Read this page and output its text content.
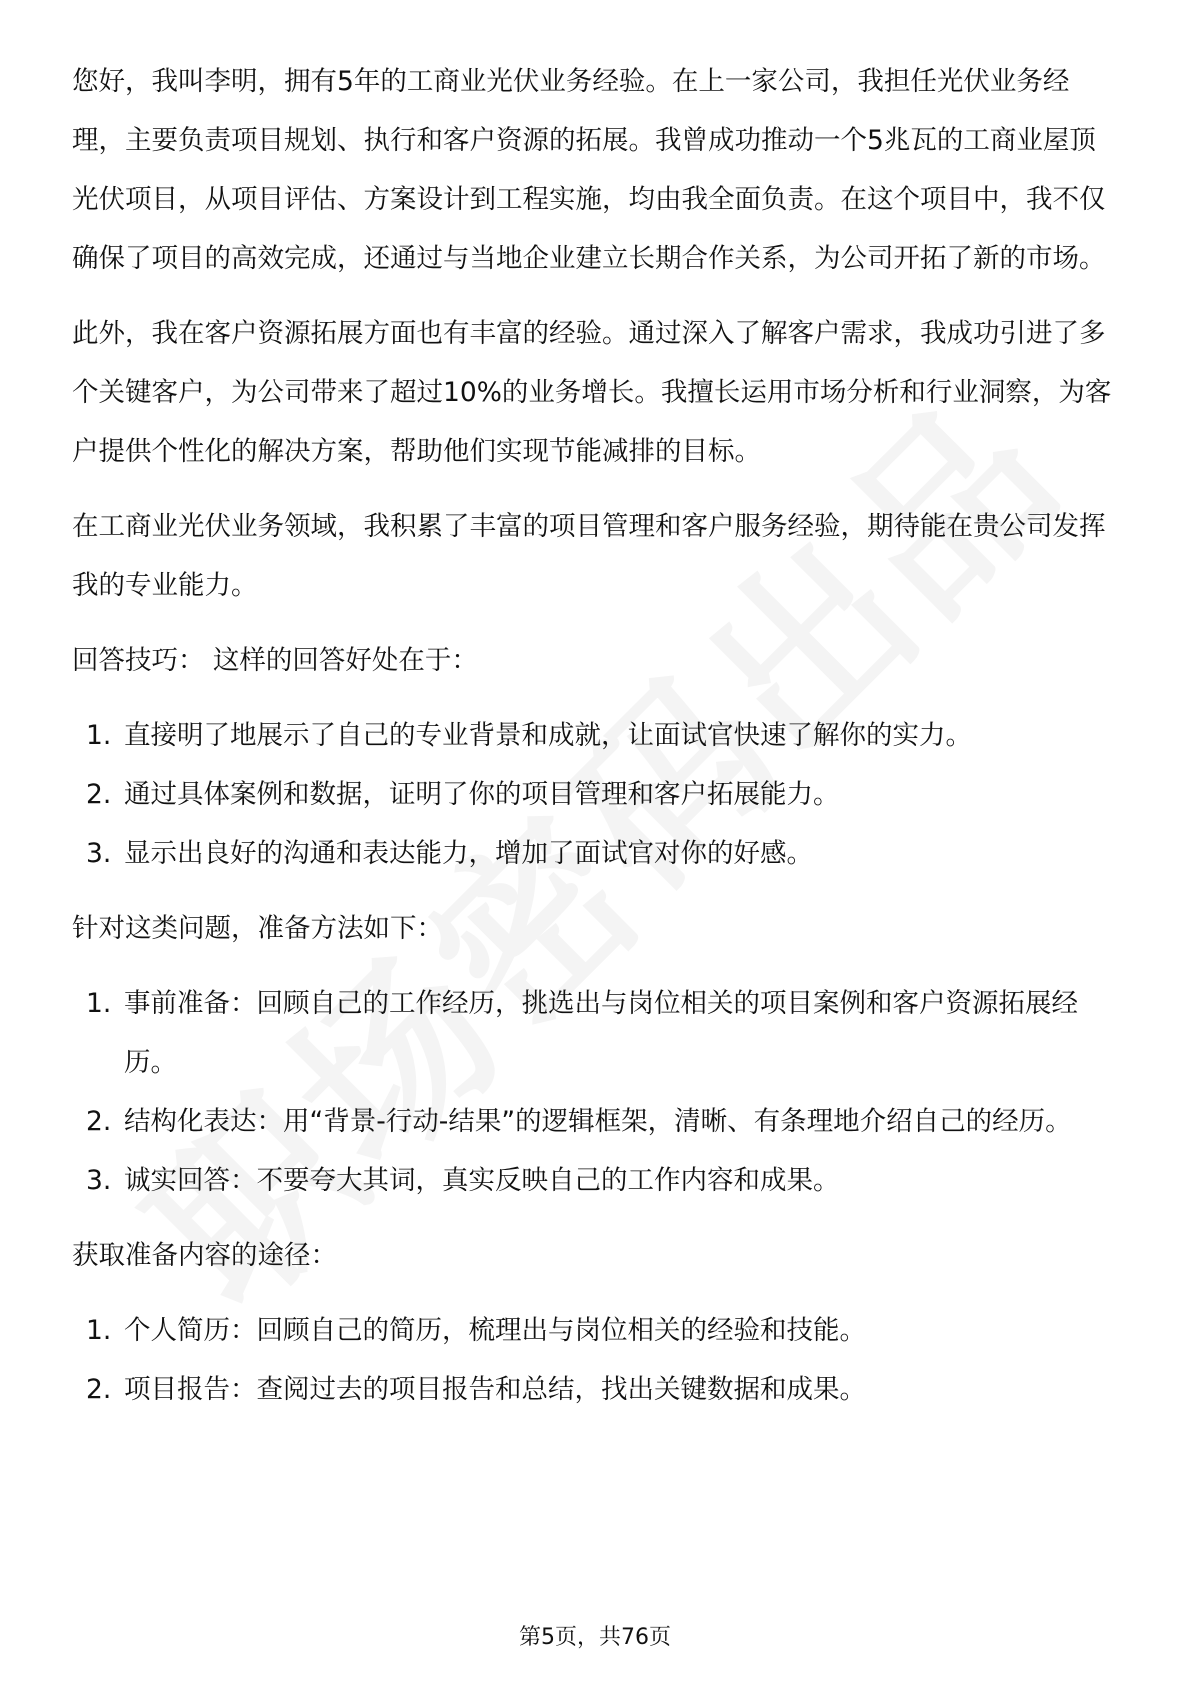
您好，我叫李明，拥有5年的工商业光伏业务经验。在上一家公司，我担任光伏业务经理，主要负责项目规划、执行和客户资源的拓展。我曾成功推动一个5兆瓦的工商业屋顶光伏项目，从项目评估、方案设计到工程实施，均由我全面负责。在这个项目中，我不仅确保了项目的高效完成，还通过与当地企业建立长期合作关系，为公司开拓了新的市场。

此外，我在客户资源拓展方面也有丰富的经验。通过深入了解客户需求，我成功引进了多个关键客户，为公司带来了超过10%的业务增长。我擅长运用市场分析和行业洞察，为客户提供个性化的解决方案，帮助他们实现节能减排的目标。

在工商业光伏业务领域，我积累了丰富的项目管理和客户服务经验，期待能在贵公司发挥我的专业能力。

回答技巧： 这样的回答好处在于：

1. 直接明了地展示了自己的专业背景和成就，让面试官快速了解你的实力。
2. 通过具体案例和数据，证明了你的项目管理和客户拓展能力。
3. 显示出良好的沟通和表达能力，增加了面试官对你的好感。

针对这类问题，准备方法如下：

1. 事前准备：回顾自己的工作经历，挑选出与岗位相关的项目案例和客户资源拓展经历。
2. 结构化表达：用“背景-行动-结果”的逻辑框架，清晰、有条理地介绍自己的经历。
3. 诚实回答：不要夸大其词，真实反映自己的工作内容和成果。

获取准备内容的途径：

1. 个人简历：回顾自己的简历，梳理出与岗位相关的经验和技能。
2. 项目报告：查阅过去的项目报告和总结，找出关键数据和成果。
第5页，共76页
